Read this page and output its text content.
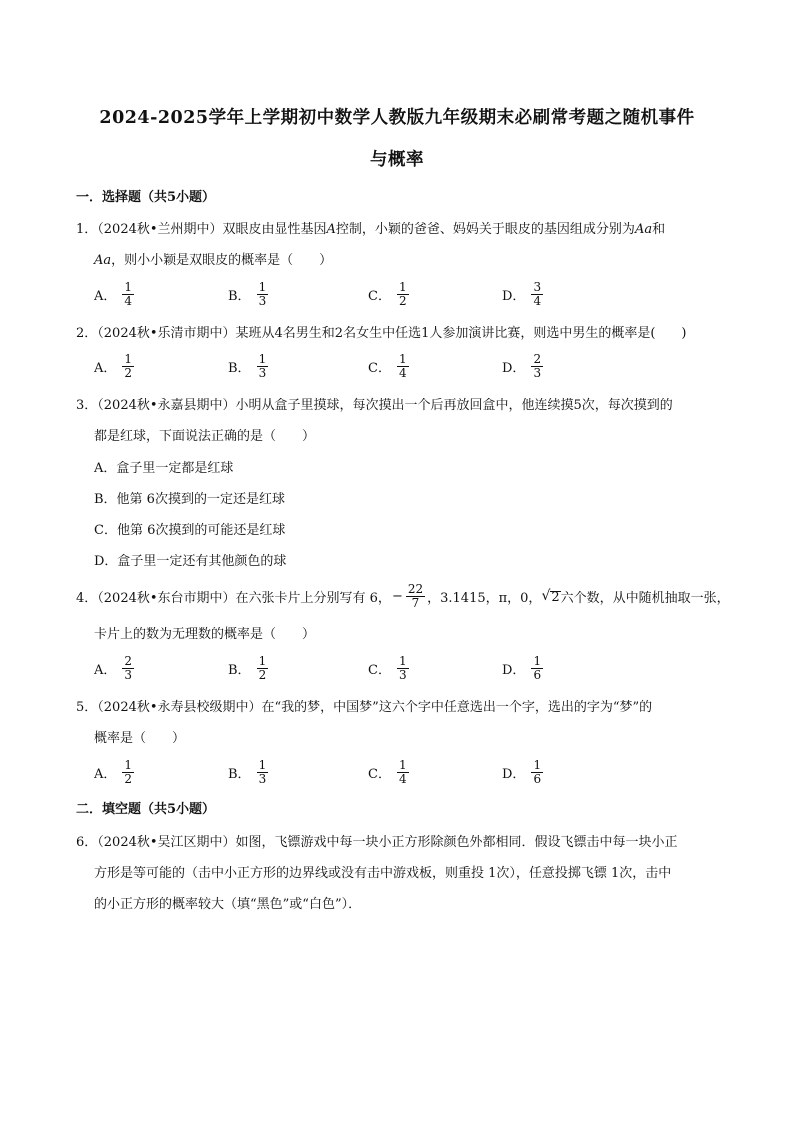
2024-2025学年上学期初中数学人教版九年级期末必刷常考题之随机事件
与概率
一．选择题（共5小题）
1．（2024秋•兰州期中）双眼皮由显性基因A控制，小颖的爸爸、妈妈关于眼皮的基因组成分别为Aa和
Aa，则小小颖是双眼皮的概率是（　　）
A． $\frac{1}{4}$	B． $\frac{1}{3}$	C． $\frac{1}{2}$	D． $\frac{3}{4}$
2．（2024秋•乐清市期中）某班从4名男生和2名女生中任选1人参加演讲比赛，则选中男生的概率是(　　)
A． $\frac{1}{2}$	B． $\frac{1}{3}$	C． $\frac{1}{4}$	D． $\frac{2}{3}$
3．（2024秋•永嘉县期中）小明从盒子里摸球，每次摸出一个后再放回盒中，他连续摸5次，每次摸到的
都是红球，下面说法正确的是（　　）
A．盒子里一定都是红球
B．他第 6次摸到的一定还是红球
C．他第 6次摸到的可能还是红球
D．盒子里一定还有其他颜色的球
4．（2024秋•东台市期中）在六张卡片上分别写有 6， − $\frac{22}{7}$ ，3.1415，π，0， √ 2 六个数，从中随机抽取一张，
卡片上的数为无理数的概率是（　　）
A． $\frac{2}{3}$	B． $\frac{1}{2}$	C． $\frac{1}{3}$	D． $\frac{1}{6}$
5．（2024秋•永寿县校级期中）在“我的梦，中国梦”这六个字中任意选出一个字，选出的字为“梦”的
概率是（　　）
A． $\frac{1}{2}$	B． $\frac{1}{3}$	C． $\frac{1}{4}$	D． $\frac{1}{6}$
二．填空题（共5小题）
6．（2024秋•吴江区期中）如图，飞镖游戏中每一块小正方形除颜色外都相同．假设飞镖击中每一块小正
方形是等可能的（击中小正方形的边界线或没有击中游戏板，则重投 1次），任意投掷飞镖 1次，击中
的小正方形的概率较大（填“黑色”或“白色”）．
